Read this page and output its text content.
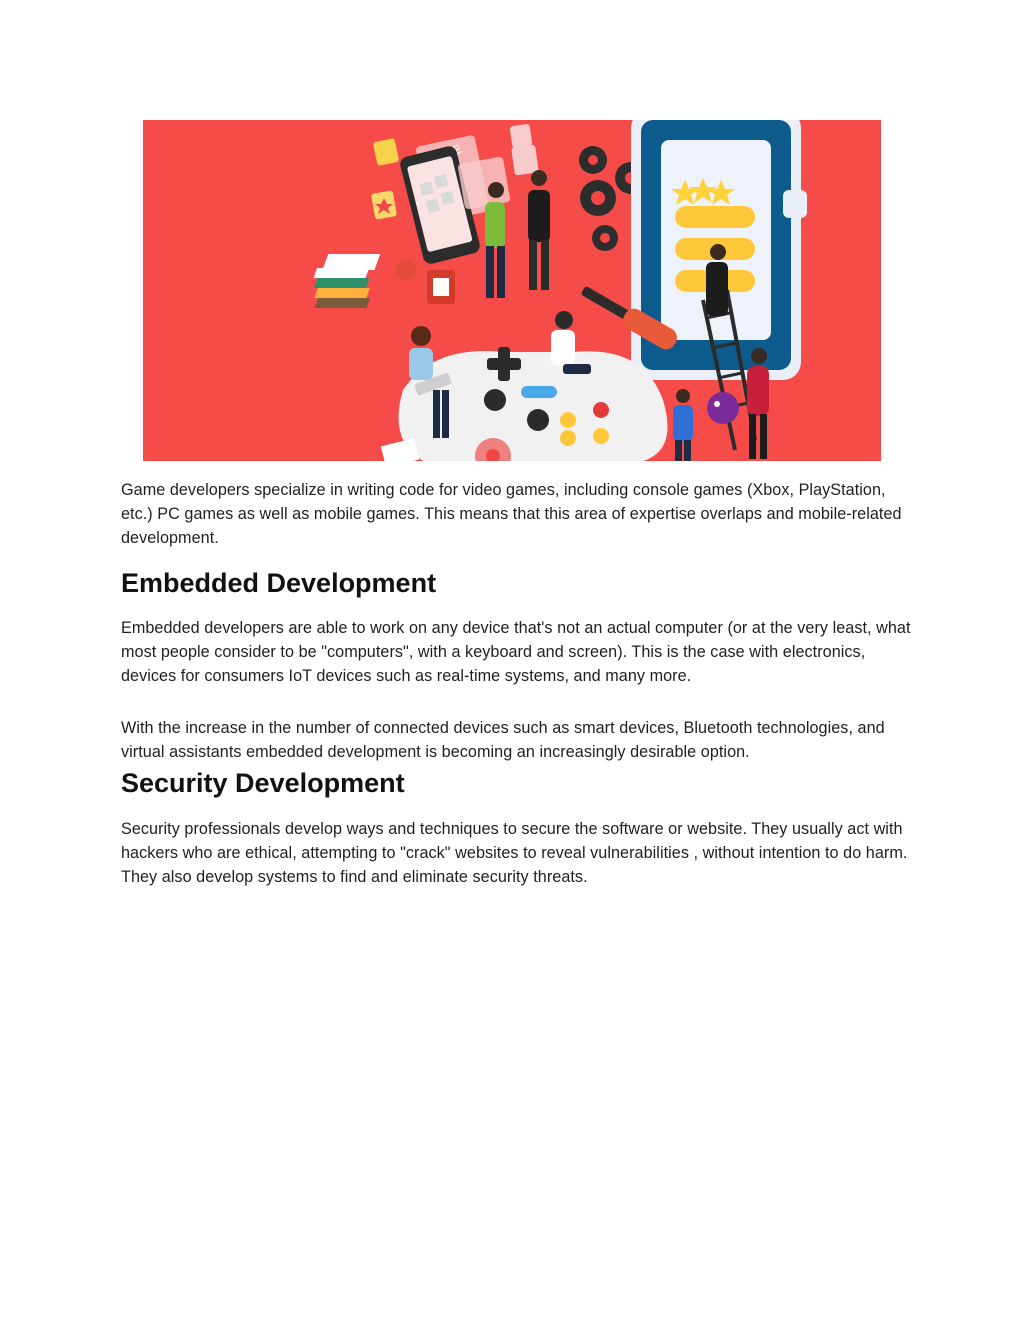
Game developers specialize in writing code for video games, including console games (Xbox, PlayStation, etc.) PC games as well as mobile games. This means that this area of expertise overlaps and mobile-related development.

Embedded Development

Embedded developers are able to work on any device that's not an actual computer (or at the very least, what most people consider to be "computers", with a keyboard and screen). This is the case with electronics, devices for consumers IoT devices such as real-time systems, and many more.

With the increase in the number of connected devices such as smart devices, Bluetooth technologies, and virtual assistants embedded development is becoming an increasingly desirable option.

Security Development

Security professionals develop ways and techniques to secure the software or website. They usually act with hackers who are ethical, attempting to "crack" websites to reveal vulnerabilities , without intention to do harm. They also develop systems to find and eliminate security threats.
